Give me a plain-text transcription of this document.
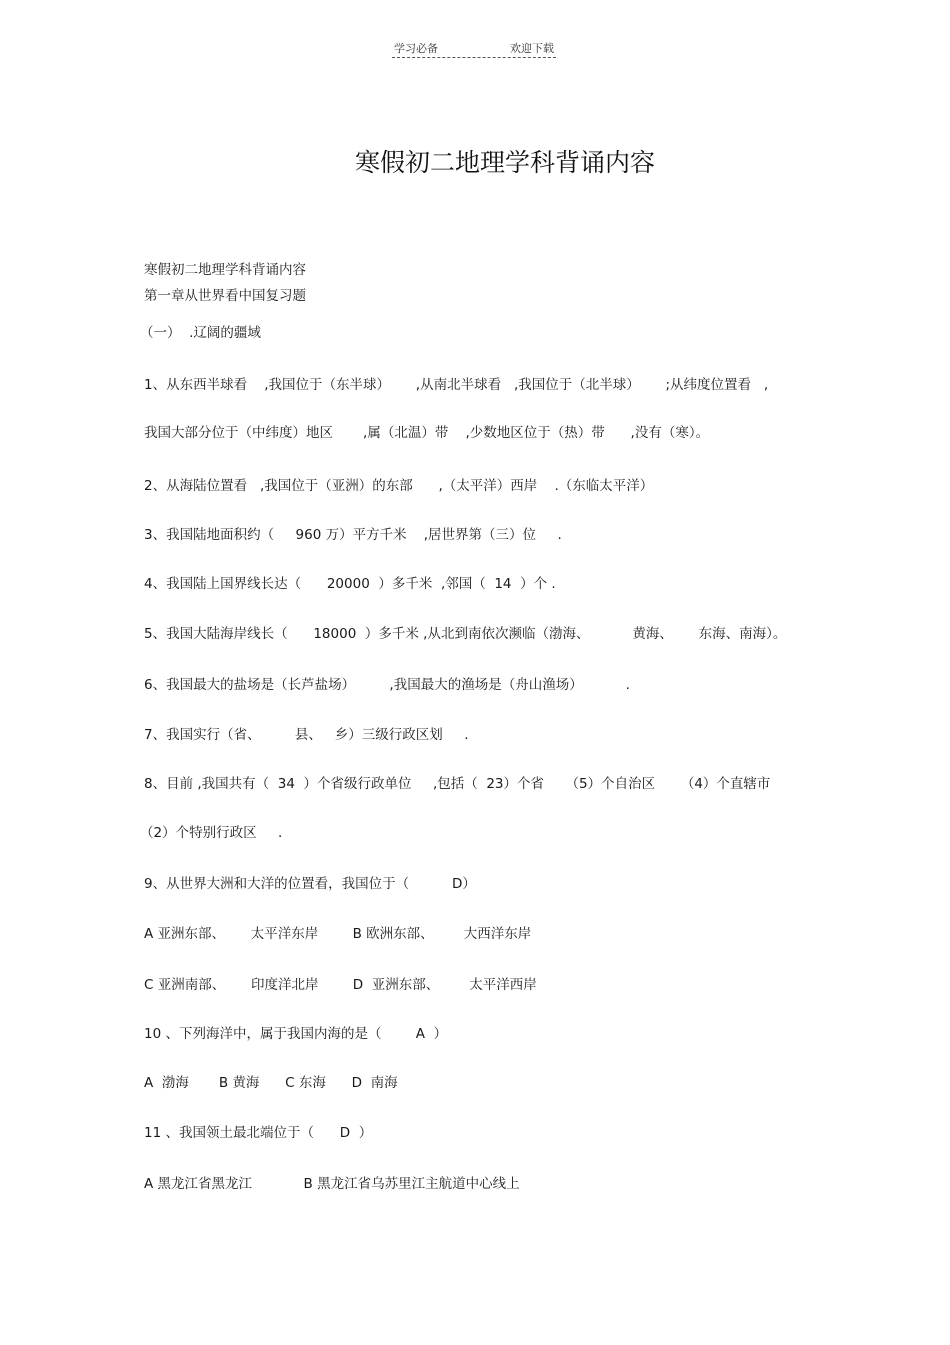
学习必备	欢迎下载
寒假初二地理学科背诵内容
寒假初二地理学科背诵内容
第一章从世界看中国复习题
（一）  .辽阔的疆域
1、从东西半球看    ,我国位于（东半球）      ,从南北半球看   ,我国位于（北半球）      ;从纬度位置看   ,
我国大部分位于（中纬度）地区       ,属（北温）带    ,少数地区位于（热）带      ,没有（寒）。
2、从海陆位置看   ,我国位于（亚洲）的东部      ,（太平洋）西岸    .（东临太平洋）
3、我国陆地面积约（     960 万）平方千米    ,居世界第（三）位     .
4、我国陆上国界线长达（      20000  ）多千米  ,邻国（  14  ）个 .
5、我国大陆海岸线长（      18000  ）多千米 ,从北到南依次濒临（渤海、          黄海、      东海、南海）。
6、我国最大的盐场是（长芦盐场）        ,我国最大的渔场是（舟山渔场）          .
7、我国实行（省、        县、   乡）三级行政区划     .
8、目前 ,我国共有（  34  ）个省级行政单位     ,包括（  23）个省     （5）个自治区      （4）个直辖市
（2）个特别行政区     .
9、从世界大洲和大洋的位置看，我国位于（          D）
A 亚洲东部、      太平洋东岸        B 欧洲东部、       大西洋东岸
C 亚洲南部、      印度洋北岸        D  亚洲东部、       太平洋西岸
10 、下列海洋中，属于我国内海的是（        A  ）
A  渤海       B 黄海      C 东海      D  南海
11 、我国领土最北端位于（      D  ）
A 黑龙江省黑龙江            B 黑龙江省乌苏里江主航道中心线上
